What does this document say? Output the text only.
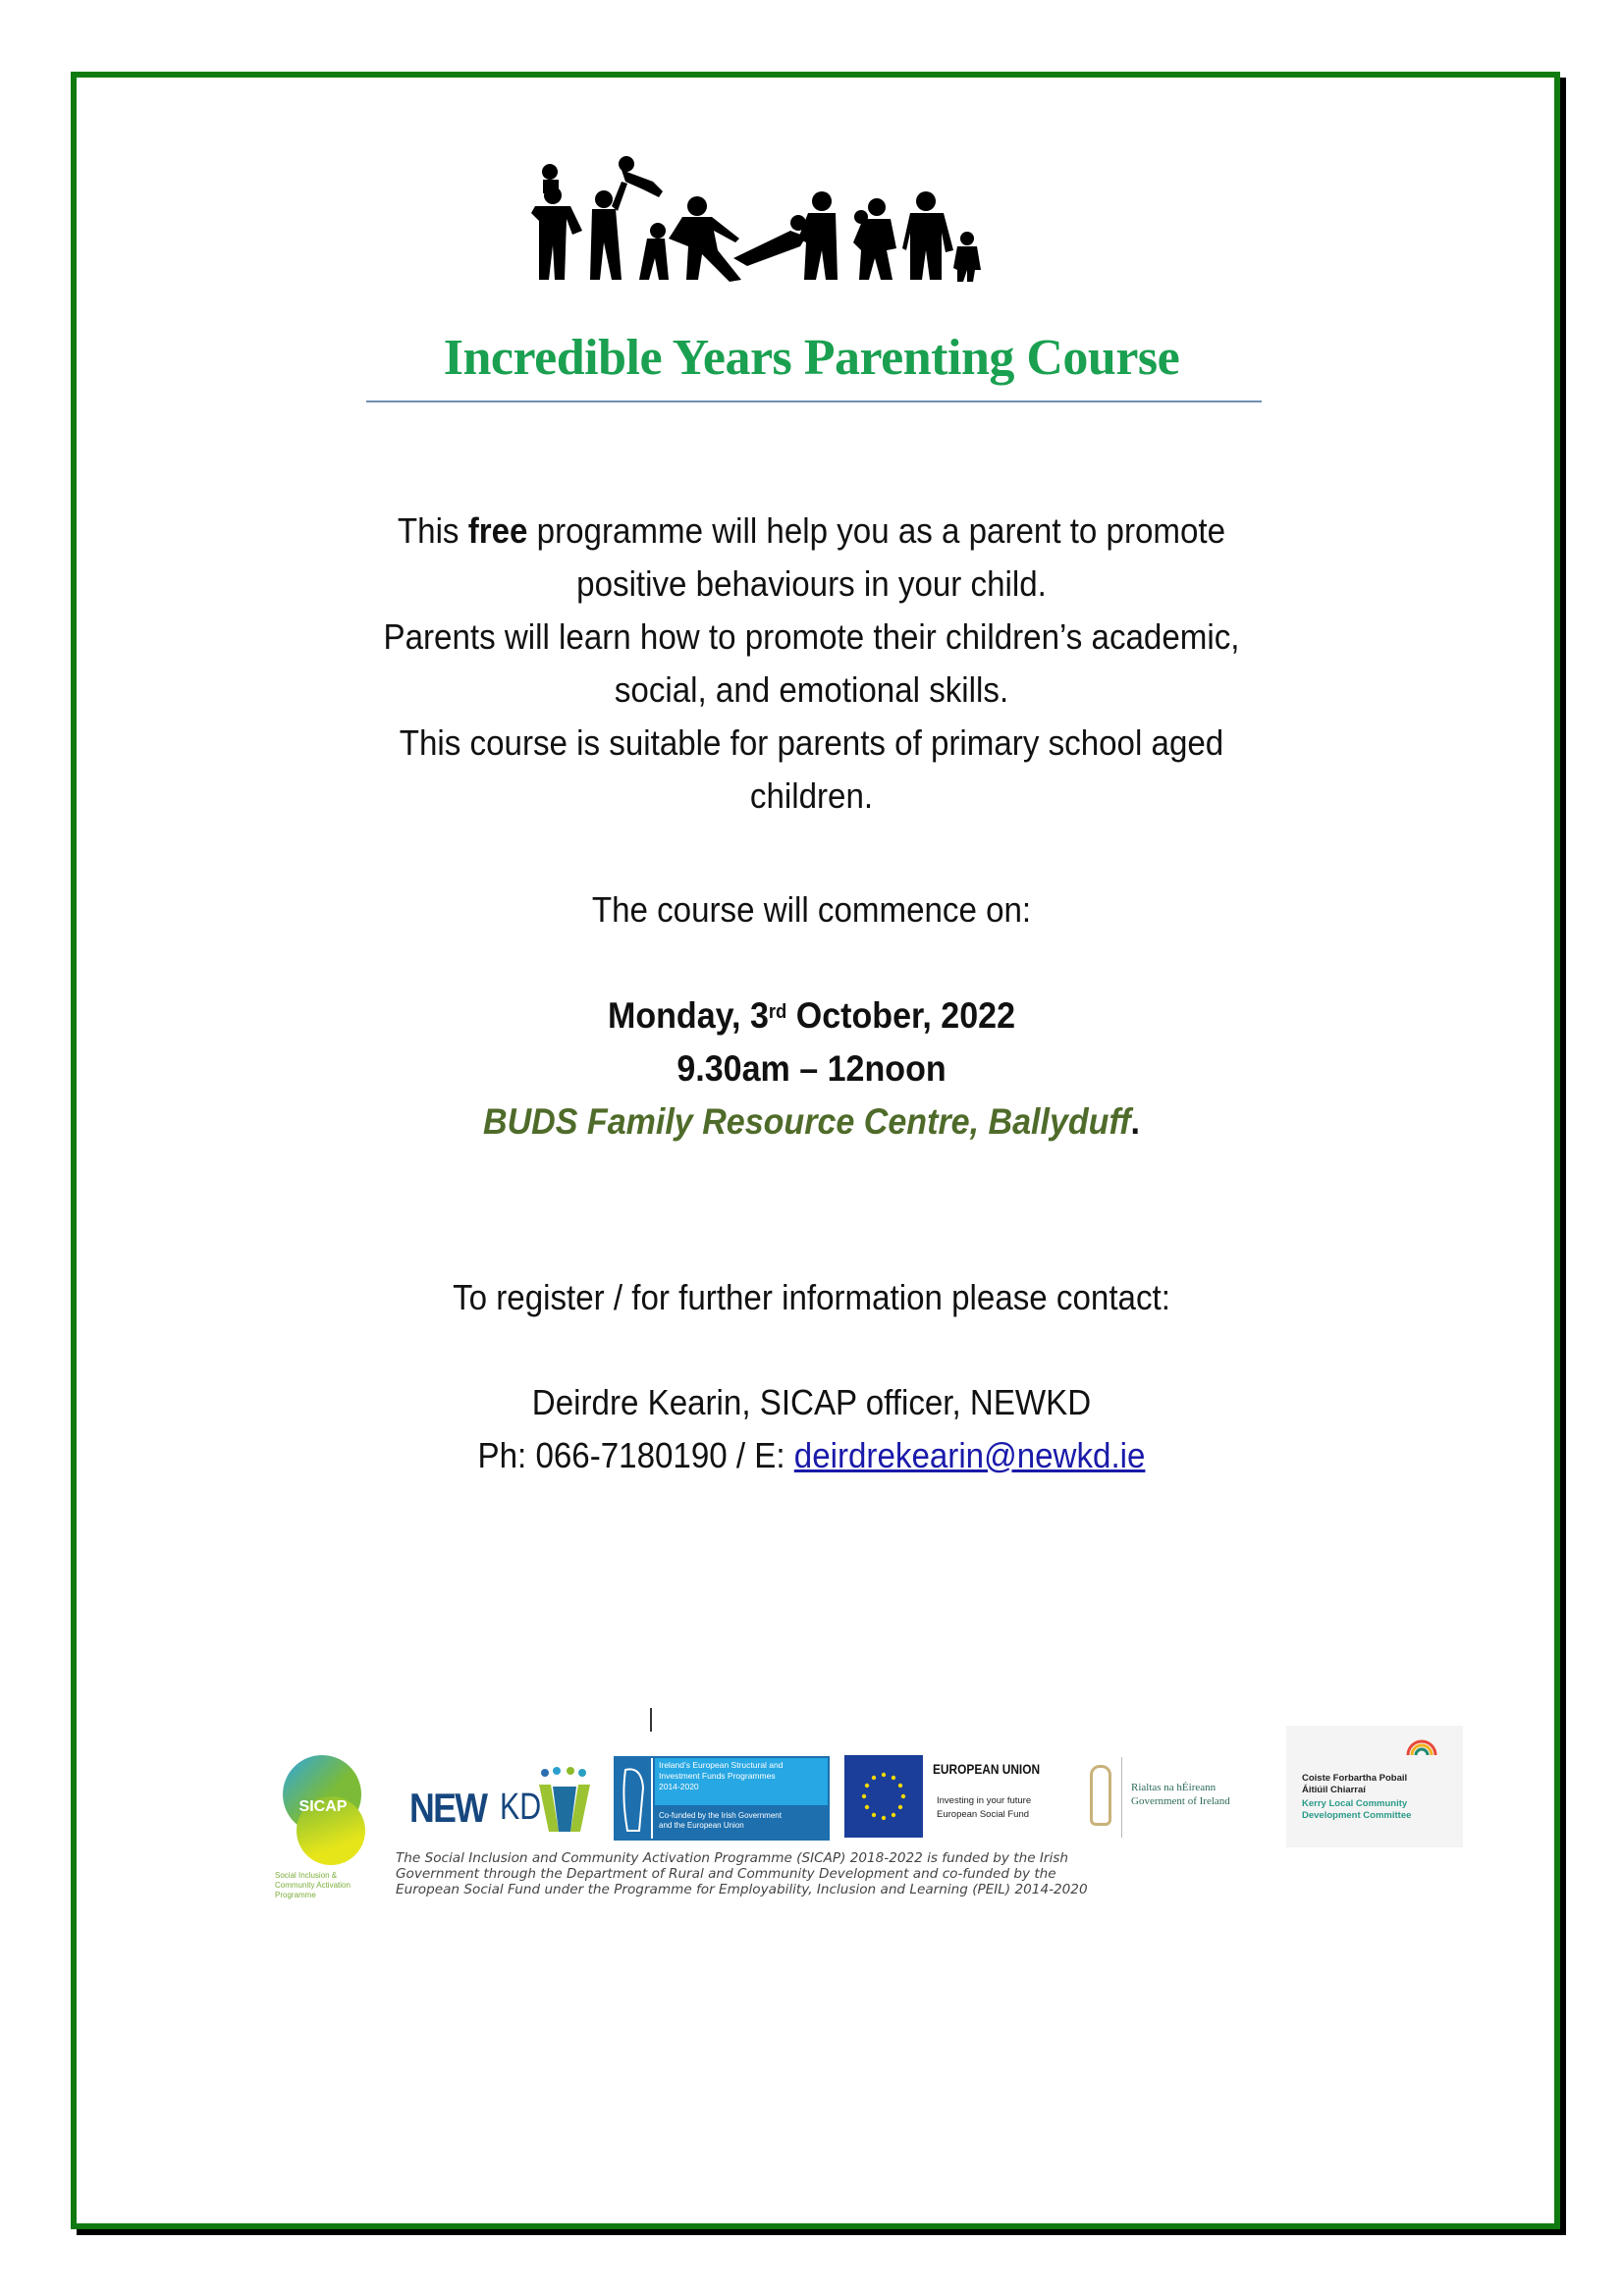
Incredible Years Parenting Course
This free programme will help you as a parent to promote
positive behaviours in your child.
Parents will learn how to promote their children’s academic,
social, and emotional skills.
This course is suitable for parents of primary school aged
children.
The course will commence on:
Monday, 3rd October, 2022
9.30am – 12noon
BUDS Family Resource Centre, Ballyduff.
To register / for further information please contact:
Deirdre Kearin, SICAP officer, NEWKD
Ph: 066-7180190 / E: deirdrekearin@newkd.ie
SICAP
Social Inclusion &
Community Activation
Programme
NEW KD
Ireland’s European Structural and
Investment Funds Programmes
2014-2020
Co-funded by the Irish Government
and the European Union
EUROPEAN UNION
Investing in your future
European Social Fund
Rialtas na hÉireann
Government of Ireland
Coiste Forbartha Pobail
Áitiúil Chiarraí
Kerry Local Community
Development Committee
The Social Inclusion and Community Activation Programme (SICAP) 2018-2022 is funded by the Irish
Government through the Department of Rural and Community Development and co-funded by the
European Social Fund under the Programme for Employability, Inclusion and Learning (PEIL) 2014-2020
